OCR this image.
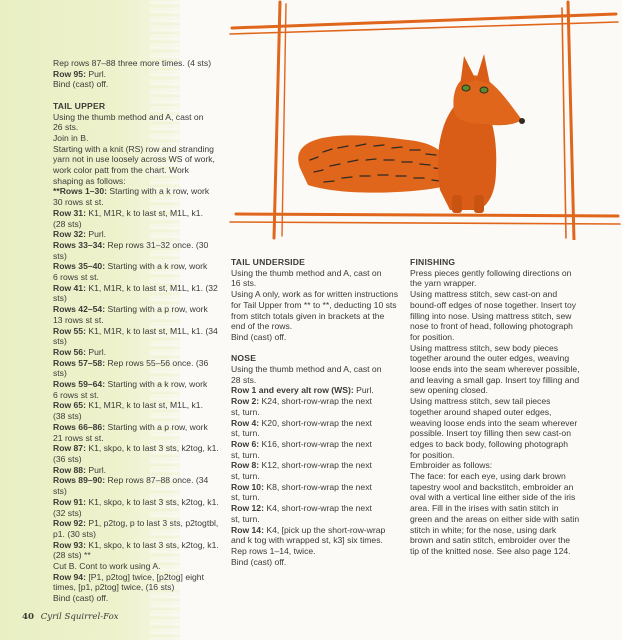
Rep rows 87–88 three more times. (4 sts)

Row 95: Purl.

Bind (cast) off.

TAIL UPPER

Using the thumb method and A, cast on

26 sts.

Join in B.

Starting with a knit (RS) row and stranding

yarn not in use loosely across WS of work,

work color patt from the chart. Work

shaping as follows:

**Rows 1–30: Starting with a k row, work

30 rows st st.

Row 31: K1, M1R, k to last st, M1L, k1.

(28 sts)

Row 32: Purl.

Rows 33–34: Rep rows 31–32 once. (30 sts)

Rows 35–40: Starting with a k row, work

6 rows st st.

Row 41: K1, M1R, k to last st, M1L, k1. (32 sts)

Rows 42–54: Starting with a p row, work

13 rows st st.

Row 55: K1, M1R, k to last st, M1L, k1. (34 sts)

Row 56: Purl.

Rows 57–58: Rep rows 55–56 once. (36 sts)

Rows 59–64: Starting with a k row, work

6 rows st st.

Row 65: K1, M1R, k to last st, M1L, k1.

(38 sts)

Rows 66–86: Starting with a p row, work

21 rows st st.

Row 87: K1, skpo, k to last 3 sts, k2tog, k1.

(36 sts)

Row 88: Purl.

Rows 89–90: Rep rows 87–88 once. (34 sts)

Row 91: K1, skpo, k to last 3 sts, k2tog, k1.

(32 sts)

Row 92: P1, p2tog, p to last 3 sts, p2togtbl,

p1. (30 sts)

Row 93: K1, skpo, k to last 3 sts, k2tog, k1.

(28 sts) **

Cut B. Cont to work using A.

Row 94: [P1, p2tog] twice, [p2tog] eight

times, [p1, p2tog] twice, (16 sts)

Bind (cast) off.

TAIL UNDERSIDE

Using the thumb method and A, cast on

16 sts.

Using A only, work as for written instructions

for Tail Upper from ** to **, deducting 10 sts

from stitch totals given in brackets at the

end of the rows.

Bind (cast) off.

NOSE

Using the thumb method and A, cast on

28 sts.

Row 1 and every alt row (WS): Purl.

Row 2: K24, short-row-wrap the next

st, turn.

Row 4: K20, short-row-wrap the next

st, turn.

Row 6: K16, short-row-wrap the next

st, turn.

Row 8: K12, short-row-wrap the next

st, turn.

Row 10: K8, short-row-wrap the next

st, turn.

Row 12: K4, short-row-wrap the next

st, turn.

Row 14: K4, [pick up the short-row-wrap

and k tog with wrapped st, k3] six times.

Rep rows 1–14, twice.

Bind (cast) off.

FINISHING

Press pieces gently following directions on

the yarn wrapper.

Using mattress stitch, sew cast-on and

bound-off edges of nose together. Insert toy

filling into nose. Using mattress stitch, sew

nose to front of head, following photograph

for position.

Using mattress stitch, sew body pieces

together around the outer edges, weaving

loose ends into the seam wherever possible,

and leaving a small gap. Insert toy filling and

sew opening closed.

Using mattress stitch, sew tail pieces

together around shaped outer edges,

weaving loose ends into the seam wherever

possible. Insert toy filling then sew cast-on

edges to back body, following photograph

for position.

Embroider as follows:

The face: for each eye, using dark brown

tapestry wool and backstitch, embroider an

oval with a vertical line either side of the iris

area. Fill in the irises with satin stitch in

green and the areas on either side with satin

stitch in white; for the nose, using dark

brown and satin stitch, embroider over the

tip of the knitted nose. See also page 124.

40 Cyril Squirrel-Fox
